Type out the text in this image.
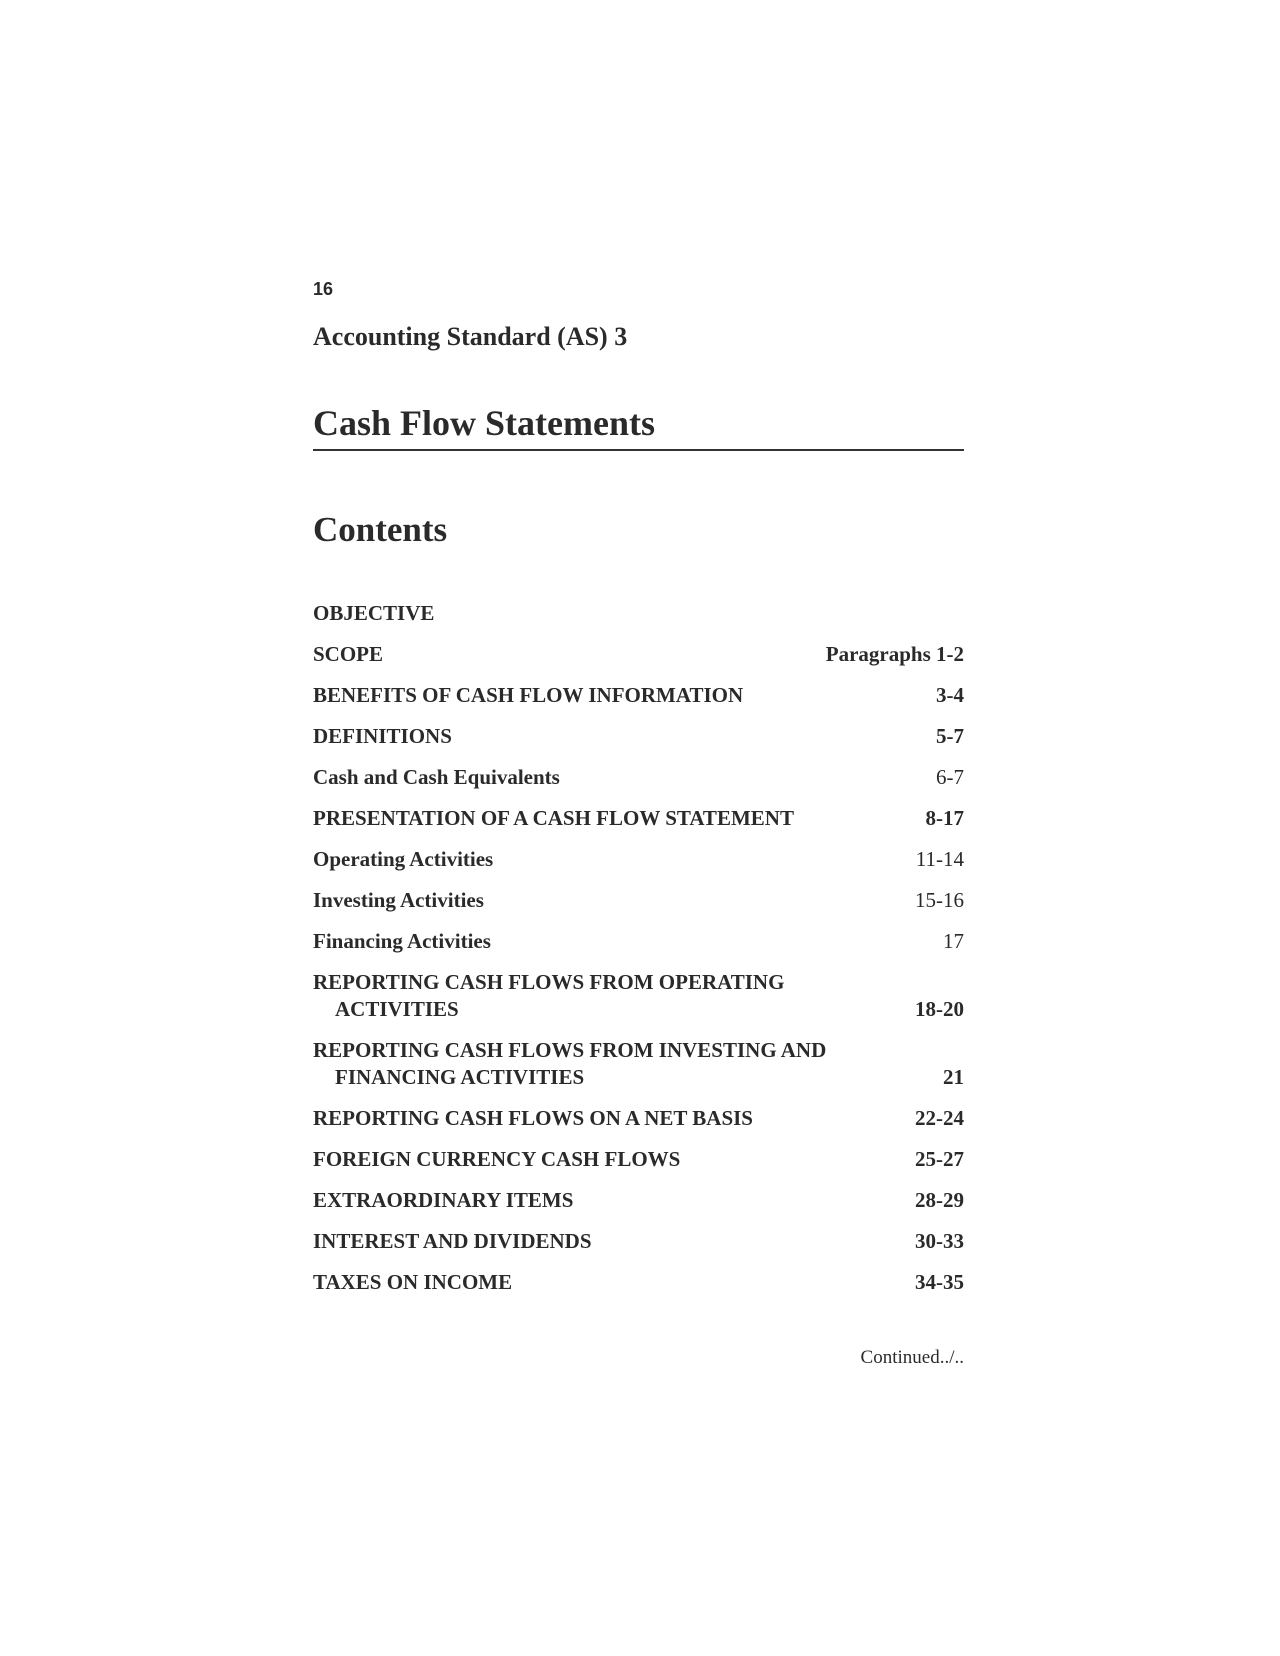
16
Accounting Standard (AS) 3
Cash Flow Statements
Contents
OBJECTIVE
SCOPE	Paragraphs 1-2
BENEFITS OF CASH FLOW INFORMATION	3-4
DEFINITIONS	5-7
Cash and Cash Equivalents	6-7
PRESENTATION OF A CASH FLOW STATEMENT	8-17
Operating Activities	11-14
Investing Activities	15-16
Financing Activities	17
REPORTING CASH FLOWS FROM OPERATING
ACTIVITIES	18-20
REPORTING CASH FLOWS FROM INVESTING AND
FINANCING ACTIVITIES	21
REPORTING CASH FLOWS ON A NET BASIS	22-24
FOREIGN CURRENCY CASH FLOWS	25-27
EXTRAORDINARY ITEMS	28-29
INTEREST AND DIVIDENDS	30-33
TAXES ON INCOME	34-35
Continued../..
